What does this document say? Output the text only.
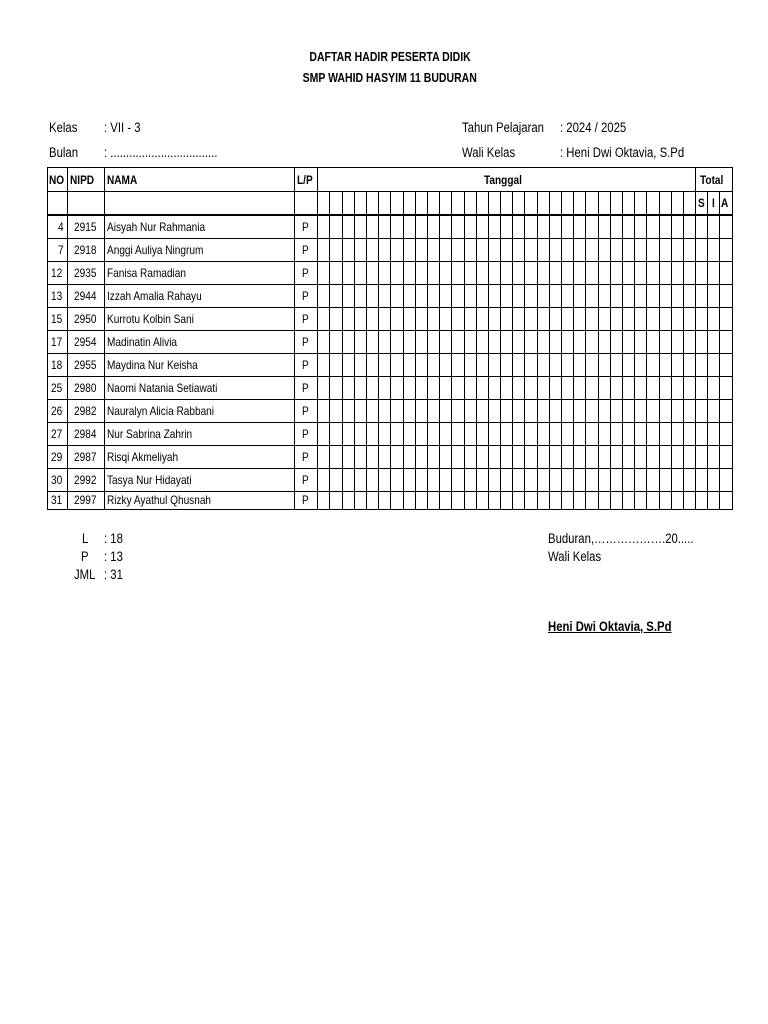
DAFTAR HADIR PESERTA DIDIK
SMP WAHID HASYIM 11 BUDURAN
Kelas	: VII - 3
Bulan	: ..................................
Tahun Pelajaran	: 2024 / 2025
Wali Kelas	: Heni Dwi Oktavia, S.Pd
NO	NIPD	NAMA	L/P	Tanggal																															Total		
																																			S	I	A
4	2915	Aisyah Nur Rahmania	P																																		
7	2918	Anggi Auliya Ningrum	P																																		
12	2935	Fanisa Ramadian	P																																		
13	2944	Izzah Amalia Rahayu	P																																		
15	2950	Kurrotu Kolbin Sani	P																																		
17	2954	Madinatin Alivia	P																																		
18	2955	Maydina Nur Keisha	P																																		
25	2980	Naomi Natania Setiawati	P																																		
26	2982	Nauralyn Alicia Rabbani	P																																		
27	2984	Nur Sabrina Zahrin	P																																		
29	2987	Risqi Akmeliyah	P																																		
30	2992	Tasya Nur Hidayati	P																																		
31	2997	Rizky Ayathul Qhusnah	P																																		
L : 18
P : 13
JML : 31
Buduran,……………….20.....
Wali Kelas
Heni Dwi Oktavia, S.Pd
